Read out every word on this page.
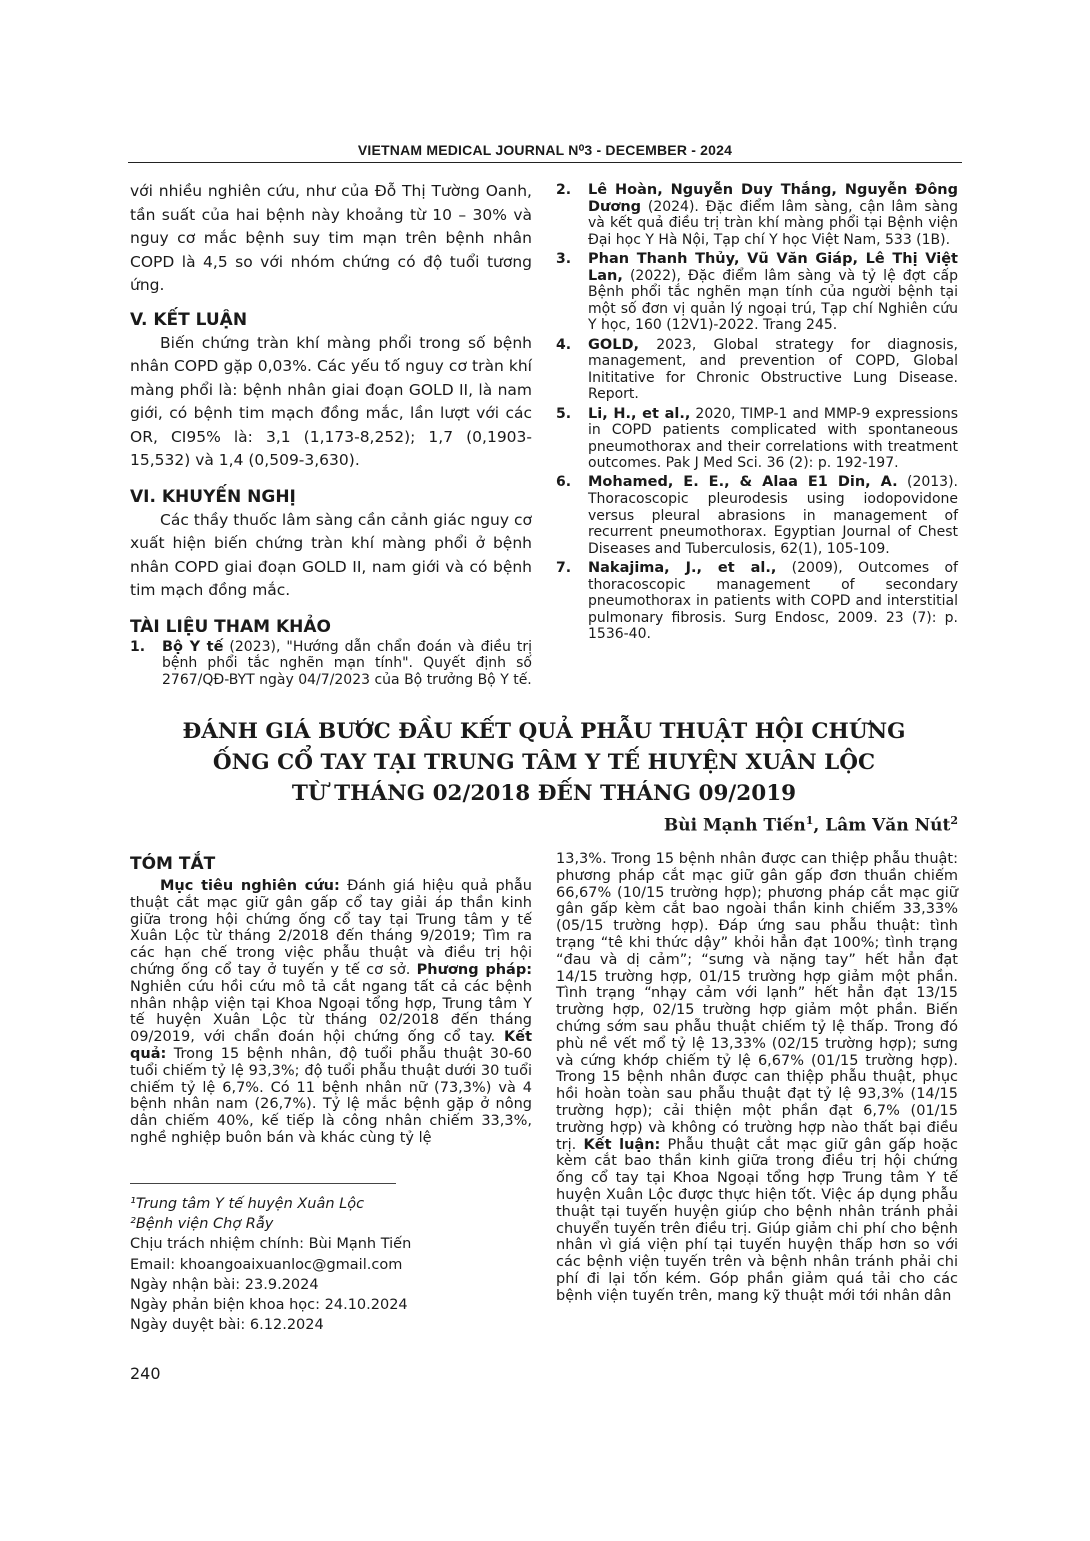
VIETNAM MEDICAL JOURNAL N⁰3 - DECEMBER - 2024

với nhiều nghiên cứu, như của Đỗ Thị Tường Oanh, tần suất của hai bệnh này khoảng từ 10 – 30% và nguy cơ mắc bệnh suy tim mạn trên bệnh nhân COPD là 4,5 so với nhóm chứng có độ tuổi tương ứng.

V. KẾT LUẬN

Biến chứng tràn khí màng phổi trong số bệnh nhân COPD gặp 0,03%. Các yếu tố nguy cơ tràn khí màng phổi là: bệnh nhân giai đoạn GOLD II, là nam giới, có bệnh tim mạch đồng mắc, lần lượt với các OR, CI95% là: 3,1 (1,173-8,252); 1,7 (0,1903-15,532) và 1,4 (0,509-3,630).

VI. KHUYẾN NGHỊ

Các thầy thuốc lâm sàng cần cảnh giác nguy cơ xuất hiện biến chứng tràn khí màng phổi ở bệnh nhân COPD giai đoạn GOLD II, nam giới và có bệnh tim mạch đồng mắc.

TÀI LIỆU THAM KHẢO

1. Bộ Y tế (2023), "Hướng dẫn chẩn đoán và điều trị bệnh phổi tắc nghẽn mạn tính". Quyết định số 2767/QĐ-BYT ngày 04/7/2023 của Bộ trưởng Bộ Y tế.
2. Lê Hoàn, Nguyễn Duy Thắng, Nguyễn Đông Dương (2024). Đặc điểm lâm sàng, cận lâm sàng và kết quả điều trị tràn khí màng phổi tại Bệnh viện Đại học Y Hà Nội, Tạp chí Y học Việt Nam, 533 (1B).
3. Phan Thanh Thủy, Vũ Văn Giáp, Lê Thị Việt Lan, (2022), Đặc điểm lâm sàng và tỷ lệ đợt cấp Bệnh phổi tắc nghẽn mạn tính của người bệnh tại một số đơn vị quản lý ngoại trú, Tạp chí Nghiên cứu Y học, 160 (12V1)-2022. Trang 245.
4. GOLD, 2023, Global strategy for diagnosis, management, and prevention of COPD, Global Inititative for Chronic Obstructive Lung Disease. Report.
5. Li, H., et al., 2020, TIMP-1 and MMP-9 expressions in COPD patients complicated with spontaneous pneumothorax and their correlations with treatment outcomes. Pak J Med Sci. 36 (2): p. 192-197.
6. Mohamed, E. E., & Alaa E1 Din, A. (2013). Thoracoscopic pleurodesis using iodopovidone versus pleural abrasions in management of recurrent pneumothorax. Egyptian Journal of Chest Diseases and Tuberculosis, 62(1), 105-109.
7. Nakajima, J., et al., (2009), Outcomes of thoracoscopic management of secondary pneumothorax in patients with COPD and interstitial pulmonary fibrosis. Surg Endosc, 2009. 23 (7): p. 1536-40.
ĐÁNH GIÁ BƯỚC ĐẦU KẾT QUẢ PHẪU THUẬT HỘI CHỨNG
ỐNG CỔ TAY TẠI TRUNG TÂM Y TẾ HUYỆN XUÂN LỘC
TỪ THÁNG 02/2018 ĐẾN THÁNG 09/2019
Bùi Mạnh Tiến$^1$, Lâm Văn Nút$^2$

TÓM TẮT

Mục tiêu nghiên cứu: Đánh giá hiệu quả phẫu thuật cắt mạc giữ gân gấp cổ tay giải áp thần kinh giữa trong hội chứng ống cổ tay tại Trung tâm y tế Xuân Lộc từ tháng 2/2018 đến tháng 9/2019; Tìm ra các hạn chế trong việc phẫu thuật và điều trị hội chứng ống cổ tay ở tuyến y tế cơ sở. Phương pháp: Nghiên cứu hồi cứu mô tả cắt ngang tất cả các bệnh nhân nhập viện tại Khoa Ngoại tổng hợp, Trung tâm Y tế huyện Xuân Lộc từ tháng 02/2018 đến tháng 09/2019, với chẩn đoán hội chứng ống cổ tay. Kết quả: Trong 15 bệnh nhân, độ tuổi phẫu thuật 30-60 tuổi chiếm tỷ lệ 93,3%; độ tuổi phẫu thuật dưới 30 tuổi chiếm tỷ lệ 6,7%. Có 11 bệnh nhân nữ (73,3%) và 4 bệnh nhân nam (26,7%). Tỷ lệ mắc bệnh gặp ở nông dân chiếm 40%, kế tiếp là công nhân chiếm 33,3%, nghề nghiệp buôn bán và khác cùng tỷ lệ

13,3%. Trong 15 bệnh nhân được can thiệp phẫu thuật: phương pháp cắt mạc giữ gân gấp đơn thuần chiếm 66,67% (10/15 trường hợp); phương pháp cắt mạc giữ gân gấp kèm cắt bao ngoài thần kinh chiếm 33,33% (05/15 trường hợp). Đáp ứng sau phẫu thuật: tình trạng “tê khi thức dậy” khỏi hẳn đạt 100%; tình trạng “đau và dị cảm”; “sưng và nặng tay” hết hẳn đạt 14/15 trường hợp, 01/15 trường hợp giảm một phần. Tình trạng “nhạy cảm với lạnh” hết hẳn đạt 13/15 trường hợp, 02/15 trường hợp giảm một phần. Biến chứng sớm sau phẫu thuật chiếm tỷ lệ thấp. Trong đó phù nề vết mổ tỷ lệ 13,33% (02/15 trường hợp); sưng và cứng khớp chiếm tỷ lệ 6,67% (01/15 trường hợp). Trong 15 bệnh nhân được can thiệp phẫu thuật, phục hồi hoàn toàn sau phẫu thuật đạt tỷ lệ 93,3% (14/15 trường hợp); cải thiện một phần đạt 6,7% (01/15 trường hợp) và không có trường hợp nào thất bại điều trị. Kết luận: Phẫu thuật cắt mạc giữ gân gấp hoặc kèm cắt bao thần kinh giữa trong điều trị hội chứng ống cổ tay tại Khoa Ngoại tổng hợp Trung tâm Y tế huyện Xuân Lộc được thực hiện tốt. Việc áp dụng phẫu thuật tại tuyến huyện giúp cho bệnh nhân tránh phải chuyển tuyến trên điều trị. Giúp giảm chi phí cho bệnh nhân vì giá viện phí tại tuyến huyện thấp hơn so với các bệnh viện tuyến trên và bệnh nhân tránh phải chi phí đi lại tốn kém. Góp phần giảm quá tải cho các bệnh viện tuyến trên, mang kỹ thuật mới tới nhân dân

¹Trung tâm Y tế huyện Xuân Lộc
²Bệnh viện Chợ Rẫy
Chịu trách nhiệm chính: Bùi Mạnh Tiến
Email: khoangoaixuanloc@gmail.com
Ngày nhận bài: 23.9.2024
Ngày phản biện khoa học: 24.10.2024
Ngày duyệt bài: 6.12.2024
240
